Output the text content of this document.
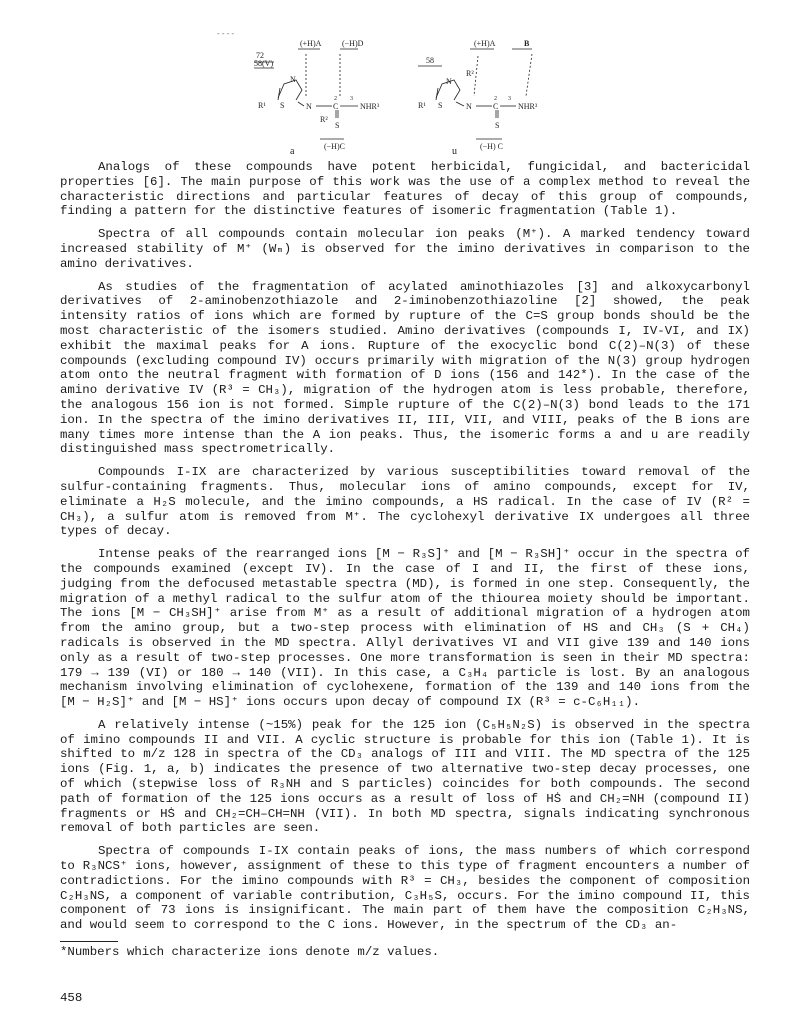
----
(+H)A	(−H)D
72
58(V)
N
R¹ S	N	C	NHR³
R²
S
2 3
(−H)C
a
(+H)A	B
58
N
R²
R¹ S	N	C NHR³
S
2 3
(−H) C
u

Analogs of these compounds have potent herbicidal, fungicidal, and bactericidal properties [6]. The main purpose of this work was the use of a complex method to reveal the characteristic directions and particular features of decay of this group of compounds, finding a pattern for the distinctive features of isomeric fragmentation (Table 1).

Spectra of all compounds contain molecular ion peaks (M⁺). A marked tendency toward increased stability of M⁺ (Wₘ) is observed for the imino derivatives in comparison to the amino derivatives.

As studies of the fragmentation of acylated aminothiazoles [3] and alkoxycarbonyl derivatives of 2-aminobenzothiazole and 2-iminobenzothiazoline [2] showed, the peak intensity ratios of ions which are formed by rupture of the C=S group bonds should be the most characteristic of the isomers studied. Amino derivatives (compounds I, IV-VI, and IX) exhibit the maximal peaks for A ions. Rupture of the exocyclic bond C(2)–N(3) of these compounds (excluding compound IV) occurs primarily with migration of the N(3) group hydrogen atom onto the neutral fragment with formation of D ions (156 and 142*). In the case of the amino derivative IV (R³ = CH₃), migration of the hydrogen atom is less probable, therefore, the analogous 156 ion is not formed. Simple rupture of the C(2)–N(3) bond leads to the 171 ion. In the spectra of the imino derivatives II, III, VII, and VIII, peaks of the B ions are many times more intense than the A ion peaks. Thus, the isomeric forms a and u are readily distinguished mass spectrometrically.

Compounds I-IX are characterized by various susceptibilities toward removal of the sulfur-containing fragments. Thus, molecular ions of amino compounds, except for IV, eliminate a H₂S molecule, and the imino compounds, a HS radical. In the case of IV (R² = CH₃), a sulfur atom is removed from M⁺. The cyclohexyl derivative IX undergoes all three types of decay.

Intense peaks of the rearranged ions [M − R₃S]⁺ and [M − R₃SH]⁺ occur in the spectra of the compounds examined (except IV). In the case of I and II, the first of these ions, judging from the defocused metastable spectra (MD), is formed in one step. Consequently, the migration of a methyl radical to the sulfur atom of the thiourea moiety should be important. The ions [M − CH₃SH]⁺ arise from M⁺ as a result of additional migration of a hydrogen atom from the amino group, but a two-step process with elimination of HS and CH₃ (S + CH₄) radicals is observed in the MD spectra. Allyl derivatives VI and VII give 139 and 140 ions only as a result of two-step processes. One more transformation is seen in their MD spectra: 179 → 139 (VI) or 180 → 140 (VII). In this case, a C₃H₄ particle is lost. By an analogous mechanism involving elimination of cyclohexene, formation of the 139 and 140 ions from the [M − H₂S]⁺ and [M − HS]⁺ ions occurs upon decay of compound IX (R³ = c-C₆H₁₁).

A relatively intense (~15%) peak for the 125 ion (C₅H₅N₂S) is observed in the spectra of imino compounds II and VII. A cyclic structure is probable for this ion (Table 1). It is shifted to m/z 128 in spectra of the CD₃ analogs of III and VIII. The MD spectra of the 125 ions (Fig. 1, a, b) indicates the presence of two alternative two-step decay processes, one of which (stepwise loss of R₃NH and S particles) coincides for both compounds. The second path of formation of the 125 ions occurs as a result of loss of HṠ and CH₂=NH (compound II) fragments or HṠ and CH₂=CH–CH=NH (VII). In both MD spectra, signals indicating synchronous removal of both particles are seen.

Spectra of compounds I-IX contain peaks of ions, the mass numbers of which correspond to R₃NCS⁺ ions, however, assignment of these to this type of fragment encounters a number of contradictions. For the imino compounds with R³ = CH₃, besides the component of composition C₂H₃NS, a component of variable contribution, C₃H₅S, occurs. For the imino compound II, this component of 73 ions is insignificant. The main part of them have the composition C₂H₃NS, and would seem to correspond to the C ions. However, in the spectrum of the CD₃ an-

*Numbers which characterize ions denote m/z values.
458
